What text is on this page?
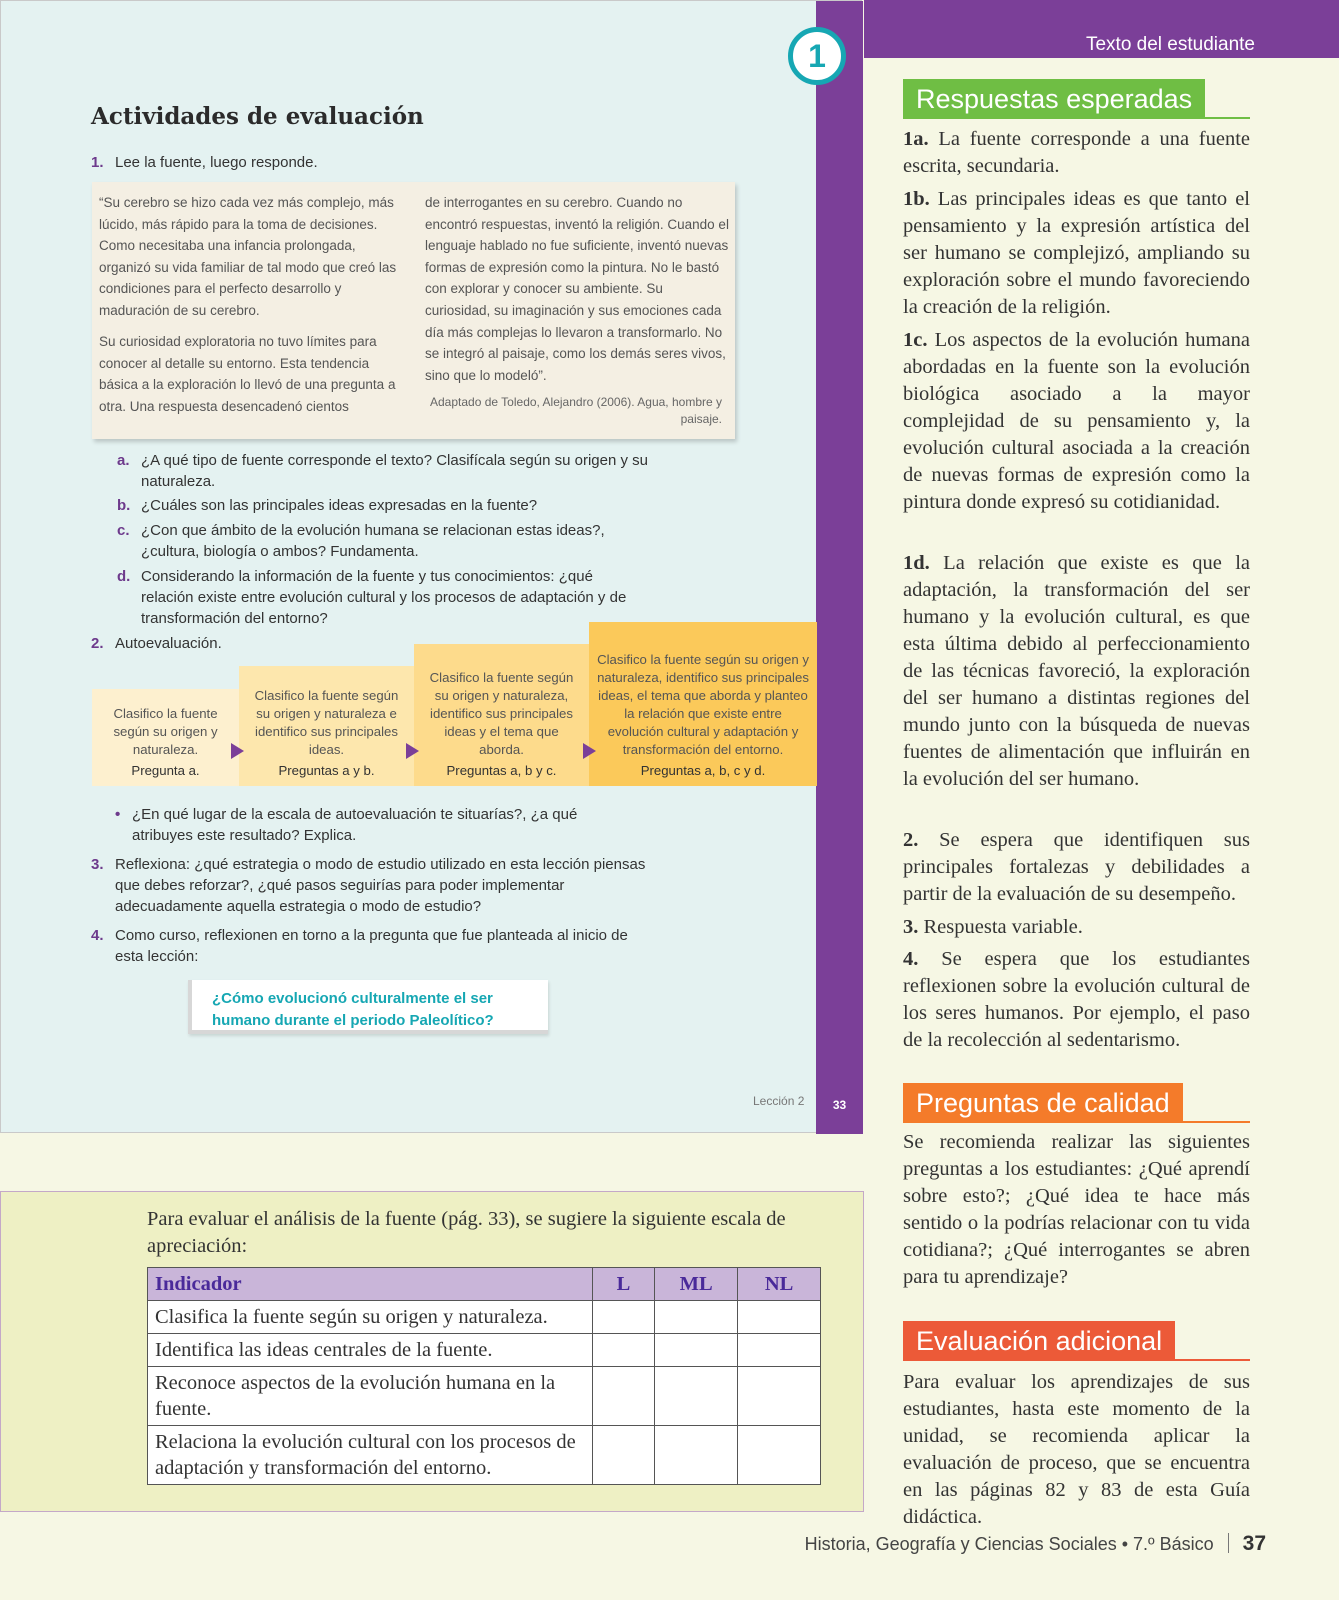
33
1
Actividades de evaluación
1. Lee la fuente, luego responde.
“Su cerebro se hizo cada vez más complejo, más lúcido, más rápido para la toma de decisiones. Como necesitaba una infancia prolongada, organizó su vida familiar de tal modo que creó las condiciones para el perfecto desarrollo y maduración de su cerebro.
Su curiosidad exploratoria no tuvo límites para conocer al detalle su entorno. Esta tendencia básica a la exploración lo llevó de una pregunta a otra. Una respuesta desencadenó cientos
de interrogantes en su cerebro. Cuando no encontró respuestas, inventó la religión. Cuando el lenguaje hablado no fue suficiente, inventó nuevas formas de expresión como la pintura. No le bastó con explorar y conocer su ambiente. Su curiosidad, su imaginación y sus emociones cada día más complejas lo llevaron a transformarlo. No se integró al paisaje, como los demás seres vivos, sino que lo modeló”.
Adaptado de Toledo, Alejandro (2006). Agua, hombre y paisaje.
a. ¿A qué tipo de fuente corresponde el texto? Clasifícala según su origen y su naturaleza.
b. ¿Cuáles son las principales ideas expresadas en la fuente?
c. ¿Con que ámbito de la evolución humana se relacionan estas ideas?, ¿cultura, biología o ambos? Fundamenta.
d. Considerando la información de la fuente y tus conocimientos: ¿qué relación existe entre evolución cultural y los procesos de adaptación y de transformación del entorno?
2. Autoevaluación.
Clasifico la fuente según su origen y naturaleza.
Pregunta a.
Clasifico la fuente según su origen y naturaleza e identifico sus principales ideas.
Preguntas a y b.
Clasifico la fuente según su origen y naturaleza, identifico sus principales ideas y el tema que aborda.
Preguntas a, b y c.
Clasifico la fuente según su origen y naturaleza, identifico sus principales ideas, el tema que aborda y planteo la relación que existe entre evolución cultural y adaptación y transformación del entorno.
Preguntas a, b, c y d.
• ¿En qué lugar de la escala de autoevaluación te situarías?, ¿a qué atribuyes este resultado? Explica.
3. Reflexiona: ¿qué estrategia o modo de estudio utilizado en esta lección piensas que debes reforzar?, ¿qué pasos seguirías para poder implementar adecuadamente aquella estrategia o modo de estudio?
4. Como curso, reflexionen en torno a la pregunta que fue planteada al inicio de esta lección:
¿Cómo evolucionó culturalmente el ser humano durante el periodo Paleolítico?
Lección 2
Texto del estudiante
Respuestas esperadas
1a. La fuente corresponde a una fuente escrita, secundaria.
1b. Las principales ideas es que tanto el pensamiento y la expresión artística del ser humano se complejizó, ampliando su exploración sobre el mundo favoreciendo la creación de la religión.
1c. Los aspectos de la evolución humana abordadas en la fuente son la evolución biológica asociado a la mayor complejidad de su pensamiento y, la evolución cultural asociada a la creación de nuevas formas de expresión como la pintura donde expresó su cotidianidad.
1d. La relación que existe es que la adaptación, la transformación del ser humano y la evolución cultural, es que esta última debido al perfeccionamiento de las técnicas favoreció, la exploración del ser humano a distintas regiones del mundo junto con la búsqueda de nuevas fuentes de alimentación que influirán en la evolución del ser humano.
2. Se espera que identifiquen sus principales fortalezas y debilidades a partir de la evaluación de su desempeño.
3. Respuesta variable.
4. Se espera que los estudiantes reflexionen sobre la evolución cultural de los seres humanos. Por ejemplo, el paso de la recolección al sedentarismo.
Preguntas de calidad
Se recomienda realizar las siguientes preguntas a los estudiantes: ¿Qué aprendí sobre esto?; ¿Qué idea te hace más sentido o la podrías relacionar con tu vida cotidiana?; ¿Qué interrogantes se abren para tu aprendizaje?
Evaluación adicional
Para evaluar los aprendizajes de sus estudiantes, hasta este momento de la unidad, se recomienda aplicar la evaluación de proceso, que se encuentra en las páginas 82 y 83 de esta Guía didáctica.
Para evaluar el análisis de la fuente (pág. 33), se sugiere la siguiente escala de apreciación:
Indicador	L	ML	NL
Clasifica la fuente según su origen y naturaleza.			
Identifica las ideas centrales de la fuente.			
Reconoce aspectos de la evolución humana en la fuente.			
Relaciona la evolución cultural con los procesos de adaptación y transformación del entorno.			
Historia, Geografía y Ciencias Sociales • 7.º Básico 37
